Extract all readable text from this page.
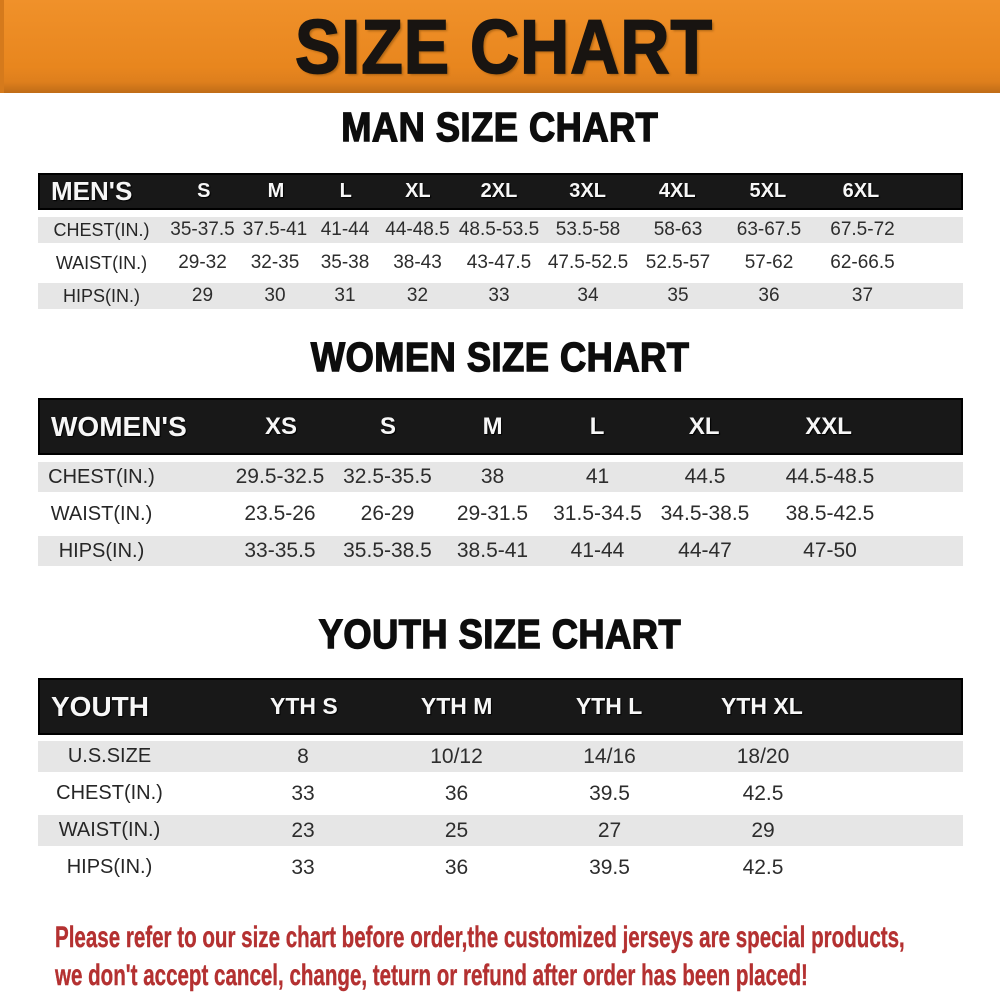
SIZE CHART
MAN SIZE CHART
MEN'S	S	M	L	XL	2XL	3XL	4XL	5XL	6XL
CHEST(IN.)	35-37.5 37.5-41 41-44 44-48.5 48.5-53.5 53.5-58	58-63	63-67.5	67.5-72
WAIST(IN.)	29-32	32-35	35-38	38-43	43-47.5 47.5-52.5 52.5-57	57-62	62-66.5
HIPS(IN.)	29	30	31	32	33	34	35	36	37
WOMEN SIZE CHART
WOMEN'S	XS	S	M	L	XL	XXL
CHEST(IN.)	29.5-32.5 32.5-35.5	38	41	44.5	44.5-48.5
WAIST(IN.)	23.5-26	26-29	29-31.5	31.5-34.5 34.5-38.5	38.5-42.5
HIPS(IN.)	33-35.5	35.5-38.5	38.5-41	41-44	44-47	47-50
YOUTH SIZE CHART
YOUTH	YTH S	YTH M	YTH L	YTH XL
U.S.SIZE	8	10/12	14/16	18/20
CHEST(IN.)	33	36	39.5	42.5
WAIST(IN.)	23	25	27	29
HIPS(IN.)	33	36	39.5	42.5
Please refer to our size chart before order,the customized jerseys are special products,
we don't accept cancel, change, teturn or refund after order has been placed!
